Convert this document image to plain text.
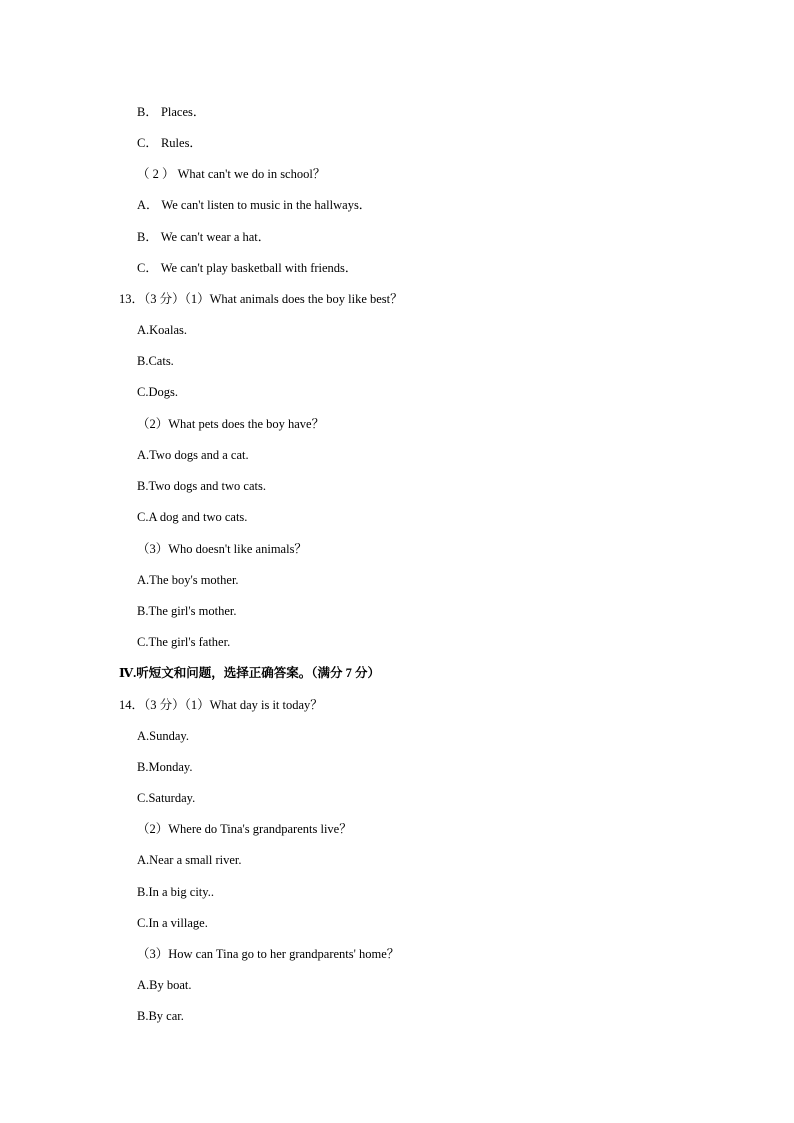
B． Places．
C． Rules．
（ 2 ） What can't we do in school？
A． We can't listen to music in the hallways．
B． We can't wear a hat．
C． We can't play basketball with friends．
13．（3 分）（1）What animals does the boy like best？
A.Koalas.
B.Cats.
C.Dogs.
（2）What pets does the boy have？
A.Two dogs and a cat.
B.Two dogs and two cats.
C.A dog and two cats.
（3）Who doesn't like animals？
A.The boy's mother.
B.The girl's mother.
C.The girl's father.
Ⅳ.听短文和问题，选择正确答案。（满分 7 分）
14．（3 分）（1）What day is it today？
A.Sunday.
B.Monday.
C.Saturday.
（2）Where do Tina's grandparents live？
A.Near a small river.
B.In a big city..
C.In a village.
（3）How can Tina go to her grandparents' home？
A.By boat.
B.By car.
